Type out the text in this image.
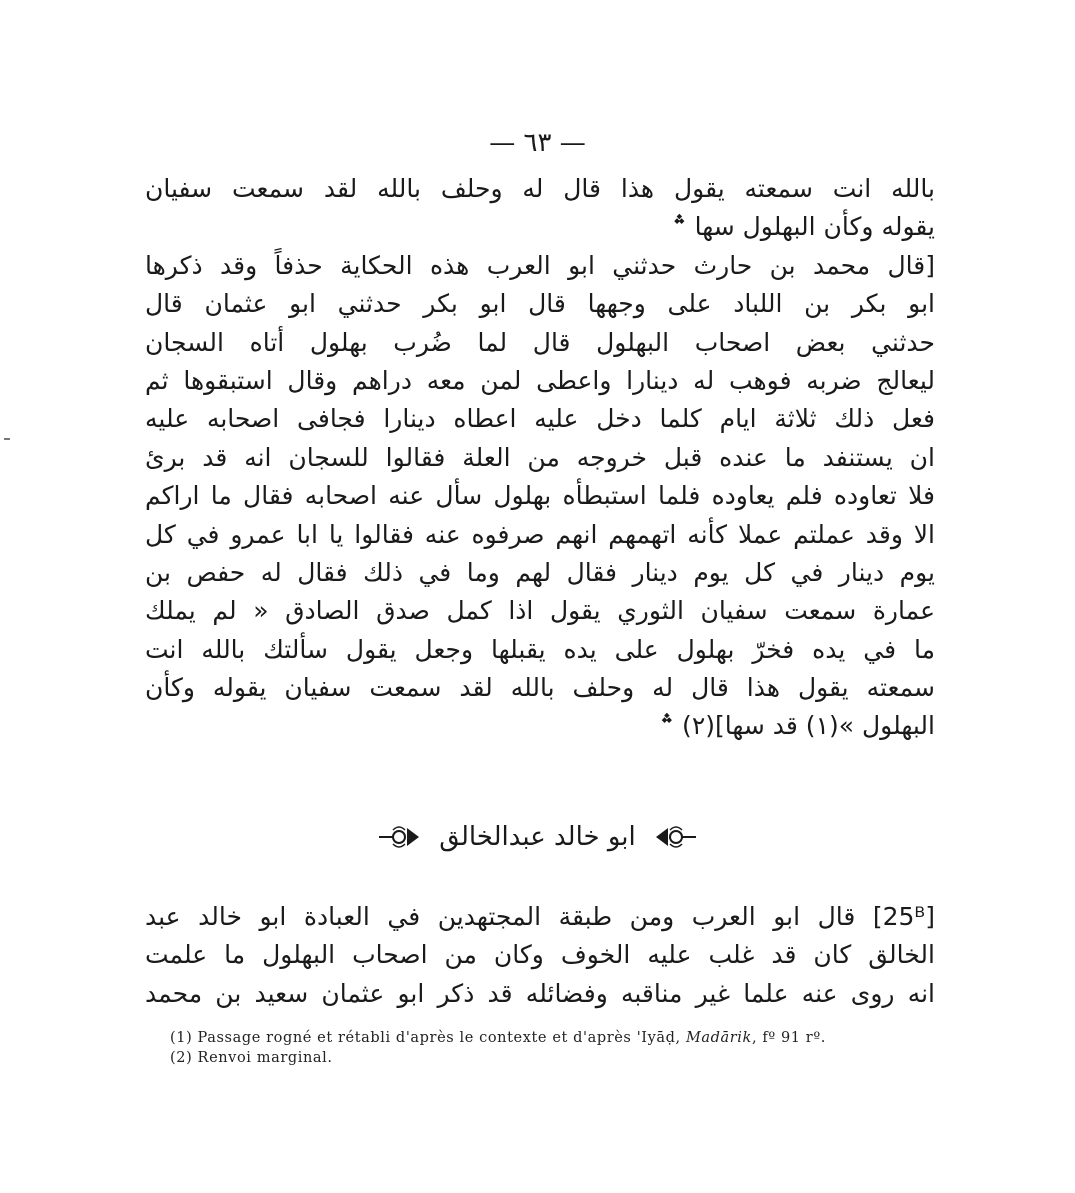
— ٦٣ —
بالله انت سمعته يقول هذا قال له وحلف بالله لقد سمعت سفيان
يقوله وكأن البهلول سها ؞
[قال محمد بن حارث حدثني ابو العرب هذه الحكاية حذفاً وقد ذكرها
ابو بكر بن اللباد على وجهها قال ابو بكر حدثني ابو عثمان قال
حدثني بعض اصحاب البهلول قال لما ضُرب بهلول أتاه السجان
ليعالج ضربه فوهب له دينارا واعطى لمن معه دراهم وقال استبقوها ثم
فعل ذلك ثلاثة ايام كلما دخل عليه اعطاه دينارا فجافى اصحابه عليه
ان يستنفد ما عنده قبل خروجه من العلة فقالوا للسجان انه قد برئ
فلا تعاوده فلم يعاوده فلما استبطأه بهلول سأل عنه اصحابه فقال ما اراكم
الا وقد عملتم عملا كأنه اتهمهم انهم صرفوه عنه فقالوا يا ابا عمرو في كل
يوم دينار في كل يوم دينار فقال لهم وما في ذلك فقال له حفص بن
عمارة سمعت سفيان الثوري يقول اذا كمل صدق الصادق « لم يملك
ما في يده فخرّ بهلول على يده يقبلها وجعل يقول سألتك بالله انت
سمعته يقول هذا قال له وحلف بالله لقد سمعت سفيان يقوله وكأن
البهلول »(١) قد سها](٢) ؞
ابو خالد عبدالخالق
[25ᴮ] قال ابو العرب ومن طبقة المجتهدين في العبادة ابو خالد عبد
الخالق كان قد غلب عليه الخوف وكان من اصحاب البهلول ما علمت
انه روى عنه علما غير مناقبه وفضائله قد ذكر ابو عثمان سعيد بن محمد

(1) Passage rogné et rétabli d'après le contexte et d'après 'Iyāḍ, Madārik, fº 91 rº.

(2) Renvoi marginal.
